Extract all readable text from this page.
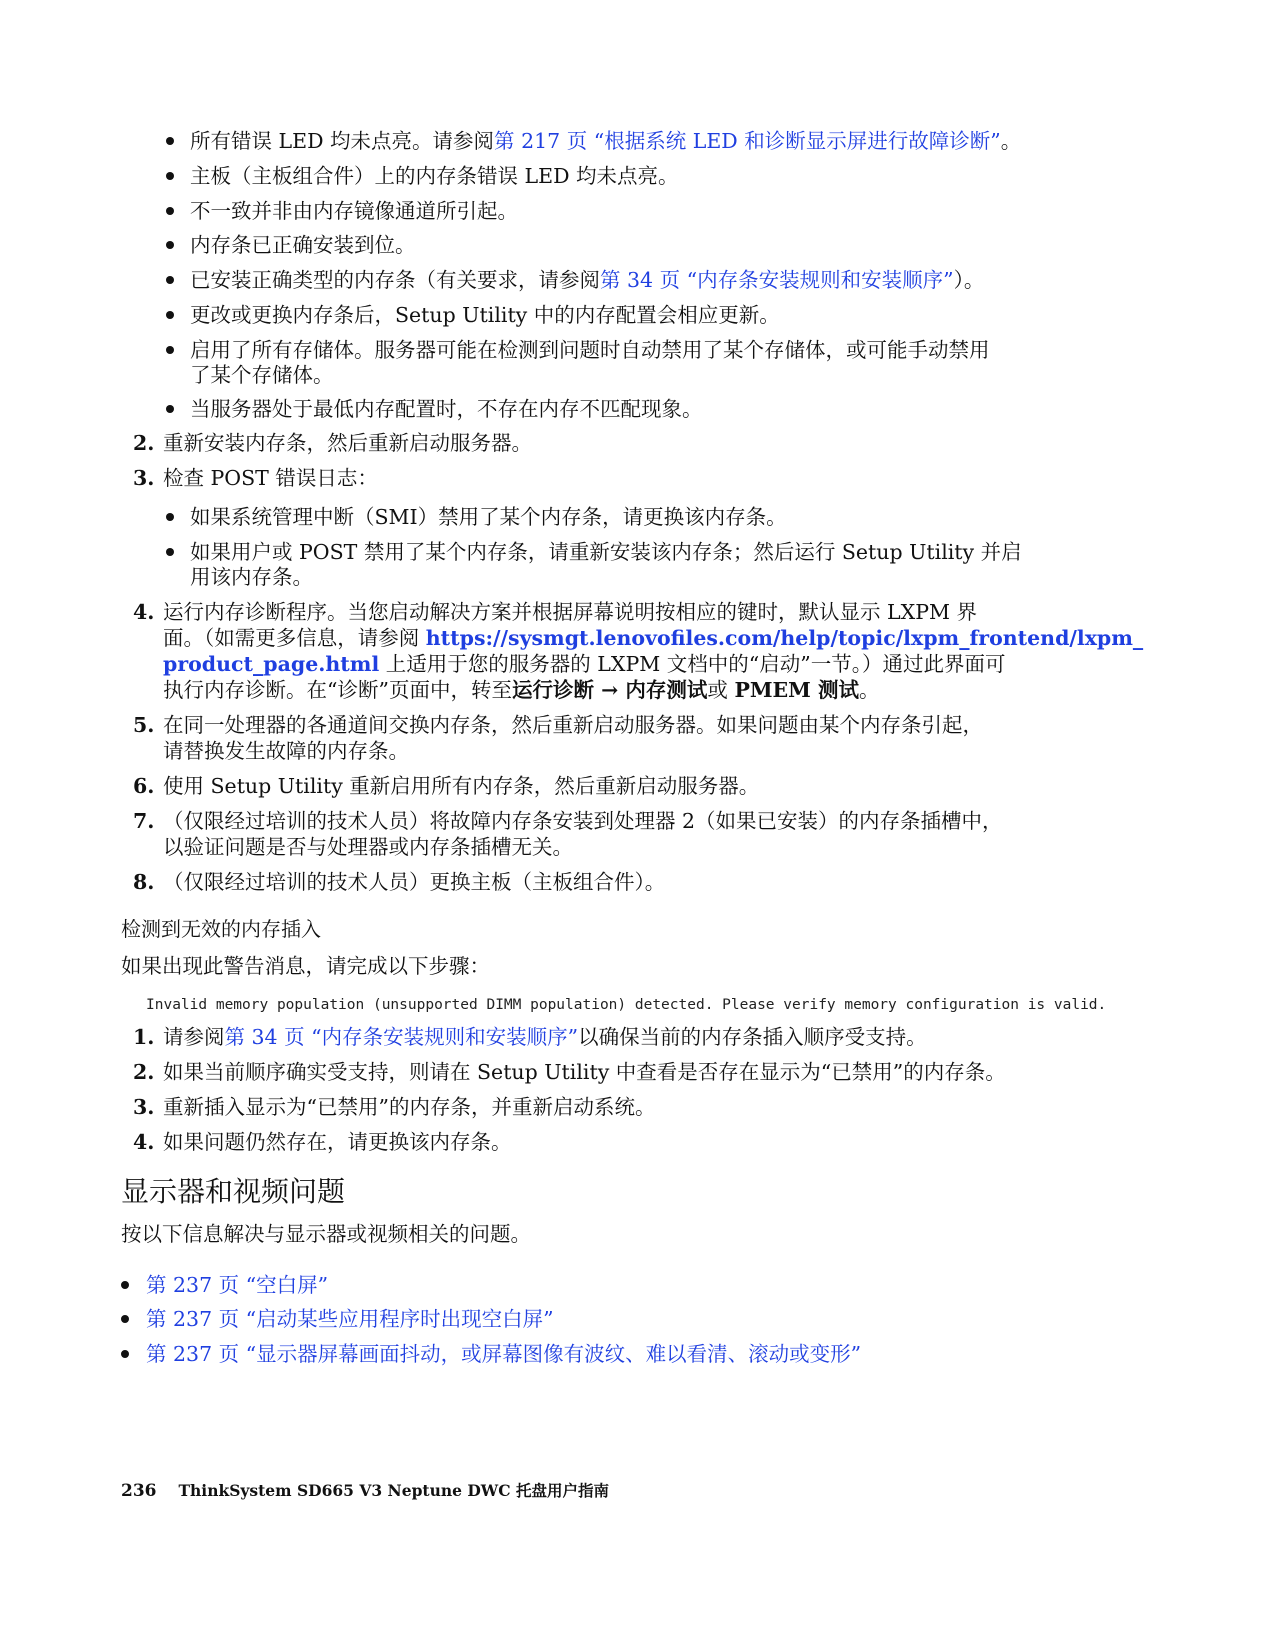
所有错误 LED 均未点亮。请参阅第 217 页 “根据系统 LED 和诊断显示屏进行故障诊断”。
主板（主板组合件）上的内存条错误 LED 均未点亮。
不一致并非由内存镜像通道所引起。
内存条已正确安装到位。
已安装正确类型的内存条（有关要求，请参阅第 34 页 “内存条安装规则和安装顺序”）。
更改或更换内存条后，Setup Utility 中的内存配置会相应更新。
启用了所有存储体。服务器可能在检测到问题时自动禁用了某个存储体，或可能手动禁用
了某个存储体。
当服务器处于最低内存配置时，不存在内存不匹配现象。
2. 重新安装内存条，然后重新启动服务器。
3. 检查 POST 错误日志：
如果系统管理中断（SMI）禁用了某个内存条，请更换该内存条。
如果用户或 POST 禁用了某个内存条，请重新安装该内存条；然后运行 Setup Utility 并启
用该内存条。
4. 运行内存诊断程序。当您启动解决方案并根据屏幕说明按相应的键时，默认显示 LXPM 界
面。（如需更多信息，请参阅 https://sysmgt.lenovofiles.com/help/topic/lxpm_frontend/lxpm_
product_page.html 上适用于您的服务器的 LXPM 文档中的“启动”一节。）通过此界面可
执行内存诊断。在“诊断”页面中，转至运行诊断 → 内存测试或 PMEM 测试。
5. 在同一处理器的各通道间交换内存条，然后重新启动服务器。如果问题由某个内存条引起，
请替换发生故障的内存条。
6. 使用 Setup Utility 重新启用所有内存条，然后重新启动服务器。
7. （仅限经过培训的技术人员）将故障内存条安装到处理器 2（如果已安装）的内存条插槽中，
以验证问题是否与处理器或内存条插槽无关。
8. （仅限经过培训的技术人员）更换主板（主板组合件）。
检测到无效的内存插入
如果出现此警告消息，请完成以下步骤：
Invalid memory population (unsupported DIMM population) detected. Please verify memory configuration is valid.
1. 请参阅第 34 页 “内存条安装规则和安装顺序”以确保当前的内存条插入顺序受支持。
2. 如果当前顺序确实受支持，则请在 Setup Utility 中查看是否存在显示为“已禁用”的内存条。
3. 重新插入显示为“已禁用”的内存条，并重新启动系统。
4. 如果问题仍然存在，请更换该内存条。
显示器和视频问题
按以下信息解决与显示器或视频相关的问题。
第 237 页 “空白屏”
第 237 页 “启动某些应用程序时出现空白屏”
第 237 页 “显示器屏幕画面抖动，或屏幕图像有波纹、难以看清、滚动或变形”
236 ThinkSystem SD665 V3 Neptune DWC 托盘用户指南
